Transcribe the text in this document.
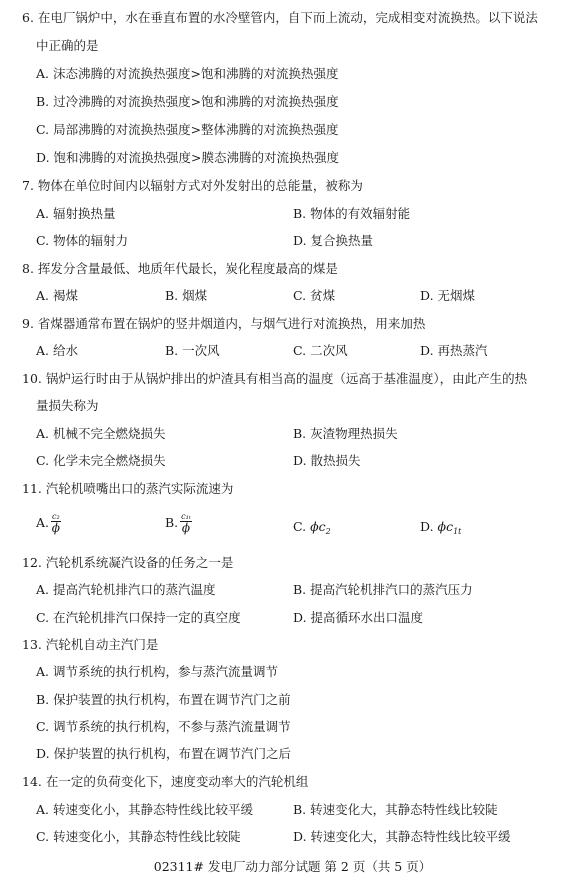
6. 在电厂锅炉中，水在垂直布置的水冷壁管内，自下而上流动，完成相变对流换热。以下说法
中正确的是
A. 沫态沸腾的对流换热强度>饱和沸腾的对流换热强度
B. 过冷沸腾的对流换热强度>饱和沸腾的对流换热强度
C. 局部沸腾的对流换热强度>整体沸腾的对流换热强度
D. 饱和沸腾的对流换热强度>膜态沸腾的对流换热强度
7. 物体在单位时间内以辐射方式对外发射出的总能量，被称为
A. 辐射换热量	B. 物体的有效辐射能
C. 物体的辐射力	D. 复合换热量
8. 挥发分含量最低、地质年代最长，炭化程度最高的煤是
A. 褐煤	B. 烟煤	C. 贫煤	D. 无烟煤
9. 省煤器通常布置在锅炉的竖井烟道内，与烟气进行对流换热，用来加热
A. 给水	B. 一次风	C. 二次风	D. 再热蒸汽
10. 锅炉运行时由于从锅炉排出的炉渣具有相当高的温度（远高于基准温度），由此产生的热
量损失称为
A. 机械不完全燃烧损失	B. 灰渣物理热损失
C. 化学未完全燃烧损失	D. 散热损失
11. 汽轮机喷嘴出口的蒸汽实际流速为
A. $\frac{\text{c₂}}{\phi}$	B. $\frac{\text{c₁ₜ}}{\phi}$	C. $\phi c_2$	D. $\phi c_{1t}$
12. 汽轮机系统凝汽设备的任务之一是
A. 提高汽轮机排汽口的蒸汽温度	B. 提高汽轮机排汽口的蒸汽压力
C. 在汽轮机排汽口保持一定的真空度	D. 提高循环水出口温度
13. 汽轮机自动主汽门是
A. 调节系统的执行机构，参与蒸汽流量调节
B. 保护装置的执行机构，布置在调节汽门之前
C. 调节系统的执行机构，不参与蒸汽流量调节
D. 保护装置的执行机构，布置在调节汽门之后
14. 在一定的负荷变化下，速度变动率大的汽轮机组
A. 转速变化小，其静态特性线比较平缓	B. 转速变化大，其静态特性线比较陡
C. 转速变化小，其静态特性线比较陡	D. 转速变化大，其静态特性线比较平缓
02311# 发电厂动力部分试题 第 2 页（共 5 页）
